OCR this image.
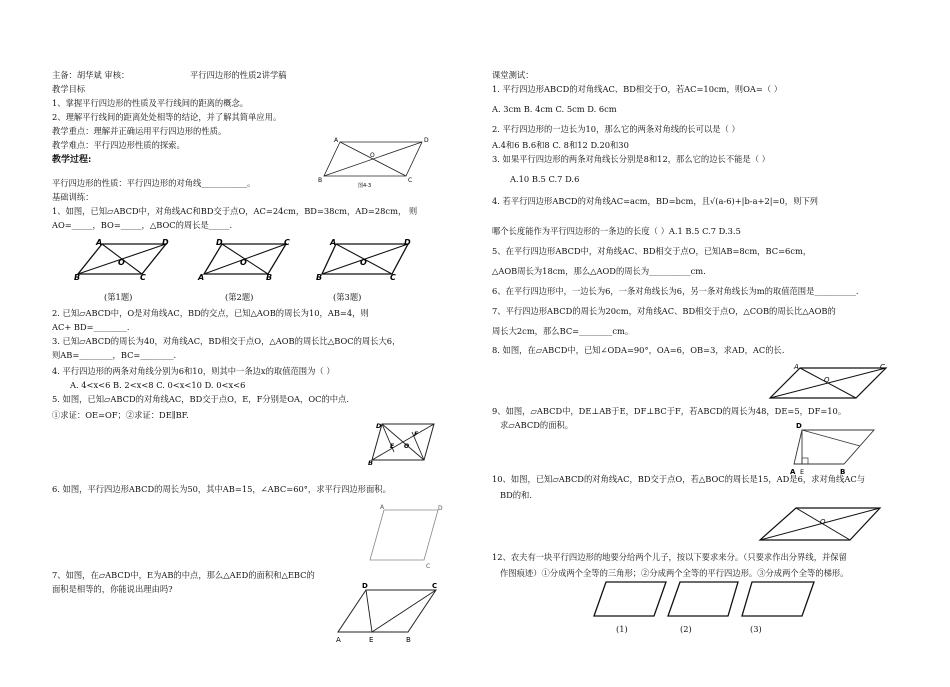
主备：胡华斌 审核：	平行四边形的性质2讲学稿
教学目标
1、掌握平行四边形的性质及平行线间的距离的概念。
2、理解平行线间的距离处处相等的结论，并了解其简单应用。
教学重点：理解并正确运用平行四边形的性质。
教学难点：平行四边形性质的探索。
教学过程:
A	D
B	C
O
图4-3
平行四边形的性质：平行四边形的对角线___________。
基础训练：
1、如图，已知▱ABCD中，对角线AC和BD交于点O，AC=24cm，BD=38cm，AD=28cm， 则
AO=_____，BO=_____，△BOC的周长是_____.
A	D
B	C
O
D	C
A	B
O
A	D
B	C
O
(第1题)	(第2题)	(第3题)
2. 已知▱ABCD中，O是对角线AC，BD的交点，已知△AOB的周长为10，AB=4，则
AC+ BD=________.
3. 已知▱ABCD的周长为40，对角线AC，BD相交于点O，△AOB的周长比△BOC的周长大6，
则AB=________，BC=________.
4. 平行四边形的两条对角线分别为6和10，则其中一条边x的取值范围为（ ）
A. 4<x<6 B. 2<x<8 C. 0<x<10 D. 0<x<6
5. 如图，已知▱ABCD的对角线AC，BD交于点O，E，F分别是OA，OC的中点.
①求证：OE=OF；②求证：DE∥BF.
D
B
E O
F
6. 如图，平行四边形ABCD的周长为50，其中AB=15，∠ABC=60°，求平行四边形面积。
A	D
C
7、如图，在▱ABCD中，E为AB的中点，那么△AED的面积和△EBC的
面积是相等的，你能说出理由吗?	D	C
A	E	B
课堂测试：
1. 平行四边形ABCD的对角线AC、BD相交于O，若AC=10cm，则OA=（ ）
A. 3cm B. 4cm C. 5cm D. 6cm
2. 平行四边形的一边长为10，那么它的两条对角线的长可以是（ ）
A.4和6 B.6和8 C. 8和12 D.20和30
3. 如果平行四边形的两条对角线长分别是8和12，那么它的边长不能是（ ）
A.10 B.5 C.7 D.6
4. 若平行四边形ABCD的对角线AC=acm，BD=bcm，且√(a-6)+|b-a+2|=0，则下列
哪个长度能作为平行四边形的一条边的长度（ ）A.1 B.5 C.7 D.3.5
5、在平行四边形ABCD中，对角线AC、BD相交于点O，已知AB=8cm，BC=6cm，
△AOB周长为18cm，那么△AOD的周长为__________cm.
6、在平行四边形中，一边长为6，一条对角线长为6，另一条对角线长为m的取值范围是__________.
7、平行四边形ABCD的周长为20cm，对角线AC、BD相交于点O，△COB的周长比△AOB的
周长大2cm，那么BC=________cm。
8. 如图，在▱ABCD中，已知∠ODA=90°，OA=6，OB=3，求AD，AC的长.
A	C
O
9、如图，▱ABCD中，DE⊥AB于E，DF⊥BC于F，若ABCD的周长为48，DE=5，DF=10。
求▱ABCD的面积。	D
A	B
E
10、如图，已知▱ABCD的对角线AC，BD交于点O，若△BOC的周长是15，AD是6，求对角线AC与
BD的和.
O
12、农夫有一块平行四边形的地要分给两个儿子，按以下要求来分。（只要求作出分界线，并保留
作图痕迹）①分成两个全等的三角形；②分成两个全等的平行四边形。③分成两个全等的梯形。
(1)	(2)	(3)
